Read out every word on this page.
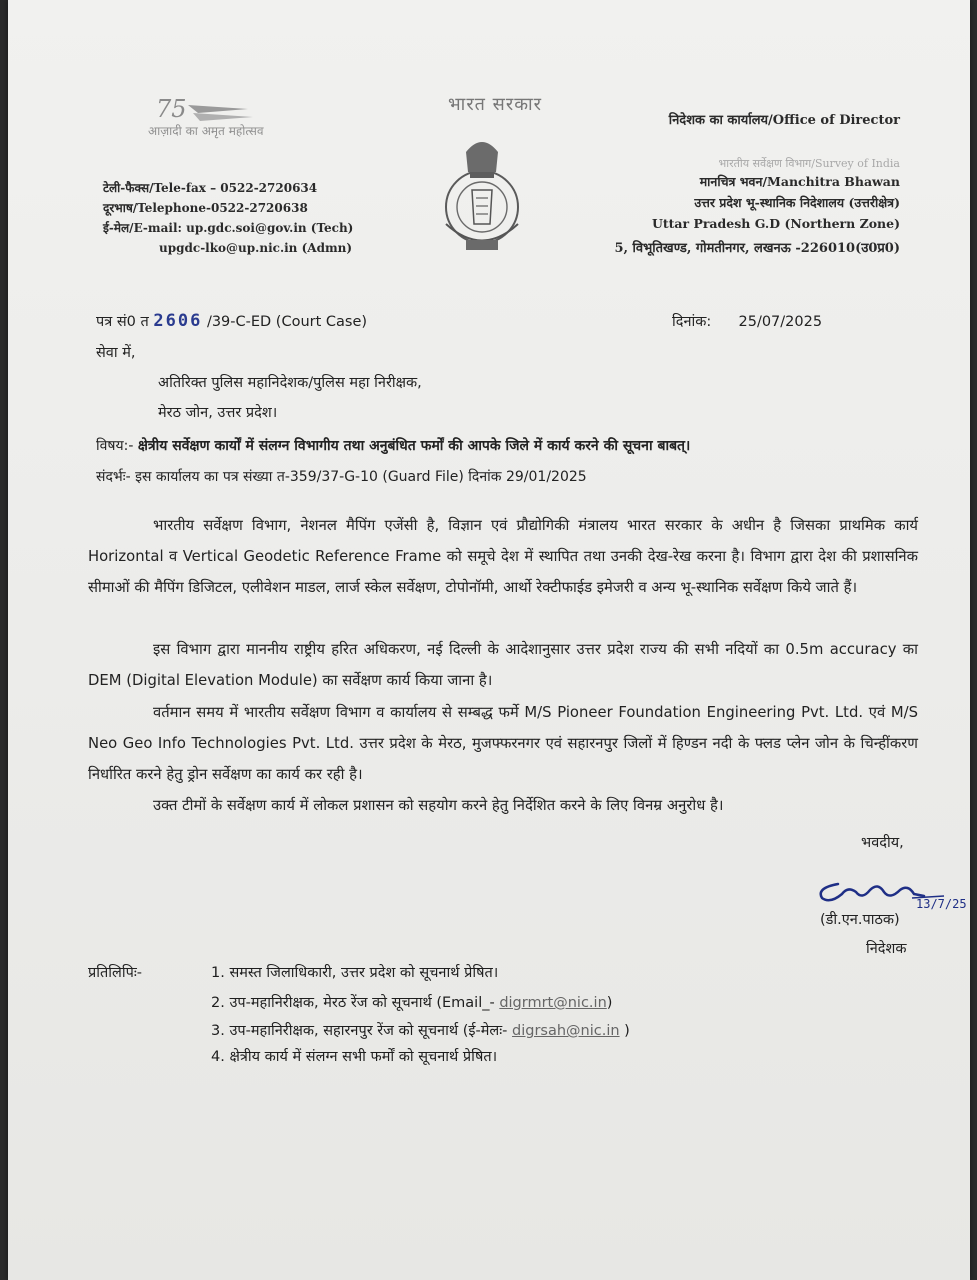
75
आज़ादी का अमृत महोत्सव
भारत सरकार
टेली-फैक्स/Tele-fax – 0522-2720634
दूरभाष/Telephone-0522-2720638
ई-मेल/E-mail: up.gdc.soi@gov.in (Tech)
upgdc-lko@up.nic.in (Admn)
निदेशक का कार्यालय/Office of Director
भारतीय सर्वेक्षण विभाग/Survey of India
मानचित्र भवन/Manchitra Bhawan
उत्तर प्रदेश भू-स्थानिक निदेशालय (उत्तरीक्षेत्र)
Uttar Pradesh G.D (Northern Zone)
5, विभूतिखण्ड, गोमतीनगर, लखनऊ -226010(उ0प्र0)
पत्र सं0 त 2606 /39-C-ED (Court Case)	दिनांक: 25/07/2025
सेवा में,
अतिरिक्त पुलिस महानिदेशक/पुलिस महा निरीक्षक,
मेरठ जोन, उत्तर प्रदेश।
विषय:- क्षेत्रीय सर्वेक्षण कार्यों में संलग्न विभागीय तथा अनुबंधित फर्मों की आपके जिले में कार्य करने की सूचना बाबत्।
संदर्भः- इस कार्यालय का पत्र संख्या त-359/37-G-10 (Guard File) दिनांक 29/01/2025
भारतीय सर्वेक्षण विभाग, नेशनल मैपिंग एजेंसी है, विज्ञान एवं प्रौद्योगिकी मंत्रालय भारत सरकार के अधीन है जिसका प्राथमिक कार्य Horizontal व Vertical Geodetic Reference Frame को समूचे देश में स्थापित तथा उनकी देख-रेख करना है। विभाग द्वारा देश की प्रशासनिक सीमाओं की मैपिंग डिजिटल, एलीवेशन माडल, लार्ज स्केल सर्वेक्षण, टोपोनॉमी, आर्थो रेक्टीफाईड इमेजरी व अन्य भू-स्थानिक सर्वेक्षण किये जाते हैं।
इस विभाग द्वारा माननीय राष्ट्रीय हरित अधिकरण, नई दिल्ली के आदेशानुसार उत्तर प्रदेश राज्य की सभी नदियों का 0.5m accuracy का DEM (Digital Elevation Module) का सर्वेक्षण कार्य किया जाना है।
वर्तमान समय में भारतीय सर्वेक्षण विभाग व कार्यालय से सम्बद्ध फर्मे M/S Pioneer Foundation Engineering Pvt. Ltd. एवं M/S Neo Geo Info Technologies Pvt. Ltd. उत्तर प्रदेश के मेरठ, मुजफ्फरनगर एवं सहारनपुर जिलों में हिण्डन नदी के फ्लड प्लेन जोन के चिन्हींकरण निर्धारित करने हेतु ड्रोन सर्वेक्षण का कार्य कर रही है।
उक्त टीमों के सर्वेक्षण कार्य में लोकल प्रशासन को सहयोग करने हेतु निर्देशित करने के लिए विनम्र अनुरोध है।
भवदीय,
13/7/25
(डी.एन.पाठक)
निदेशक
प्रतिलिपिः-	1. समस्त जिलाधिकारी, उत्तर प्रदेश को सूचनार्थ प्रेषित।
2. उप-महानिरीक्षक, मेरठ रेंज को सूचनार्थ (Email_- digrmrt@nic.in)
3. उप-महानिरीक्षक, सहारनपुर रेंज को सूचनार्थ (ई-मेलः- digrsah@nic.in )
4. क्षेत्रीय कार्य में संलग्न सभी फर्मों को सूचनार्थ प्रेषित।
